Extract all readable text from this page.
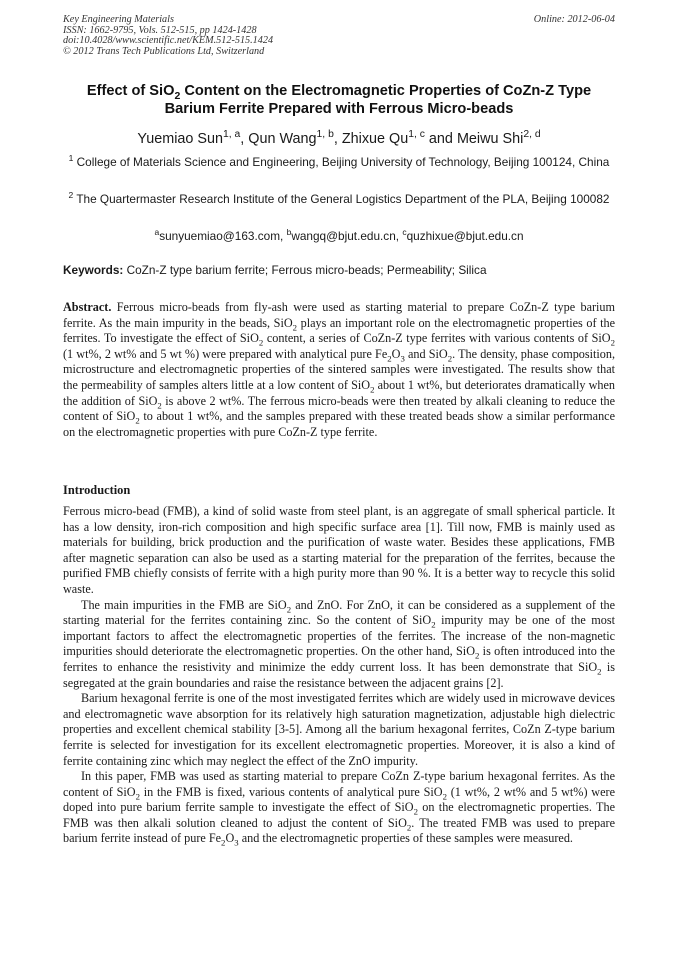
Key Engineering Materials
ISSN: 1662-9795, Vols. 512-515, pp 1424-1428
doi:10.4028/www.scientific.net/KEM.512-515.1424
© 2012 Trans Tech Publications Ltd, Switzerland
Online: 2012-06-04
Effect of SiO$_2$ Content on the Electromagnetic Properties of CoZn-Z Type Barium Ferrite Prepared with Ferrous Micro-beads
Yuemiao Sun$^{1, a}$, Qun Wang$^{1, b}$, Zhixue Qu$^{1, c}$ and Meiwu Shi$^{2, d}$
$^1$ College of Materials Science and Engineering, Beijing University of Technology, Beijing 100124, China
$^2$ The Quartermaster Research Institute of the General Logistics Department of the PLA, Beijing 100082
$^a$sunyuemiao@163.com, $^b$wangq@bjut.edu.cn, $^c$quzhixue@bjut.edu.cn
Keywords: CoZn-Z type barium ferrite; Ferrous micro-beads; Permeability; Silica
Abstract. Ferrous micro-beads from fly-ash were used as starting material to prepare CoZn-Z type barium ferrite. As the main impurity in the beads, SiO$_2$ plays an important role on the electromagnetic properties of the ferrites. To investigate the effect of SiO$_2$ content, a series of CoZn-Z type ferrites with various contents of SiO$_2$ (1 wt%, 2 wt% and 5 wt %) were prepared with analytical pure $Fe_2O_3$ and SiO$_2$. The density, phase composition, microstructure and electromagnetic properties of the sintered samples were investigated. The results show that the permeability of samples alters little at a low content of SiO$_2$ about 1 wt%, but deteriorates dramatically when the addition of SiO$_2$ is above 2 wt%. The ferrous micro-beads were then treated by alkali cleaning to reduce the content of SiO$_2$ to about 1 wt%, and the samples prepared with these treated beads show a similar performance on the electromagnetic properties with pure CoZn-Z type ferrite.
Introduction

Ferrous micro-bead (FMB), a kind of solid waste from steel plant, is an aggregate of small spherical particle. It has a low density, iron-rich composition and high specific surface area [1]. Till now, FMB is mainly used as materials for building, brick production and the purification of waste water. Besides these applications, FMB after magnetic separation can also be used as a starting material for the preparation of the ferrites, because the purified FMB chiefly consists of ferrite with a high purity more than 90 %. It is a better way to recycle this solid waste.

The main impurities in the FMB are SiO$_2$ and ZnO. For ZnO, it can be considered as a supplement of the starting material for the ferrites containing zinc. So the content of SiO$_2$ impurity may be one of the most important factors to affect the electromagnetic properties of the ferrites. The increase of the non-magnetic impurities should deteriorate the electromagnetic properties. On the other hand, SiO$_2$ is often introduced into the ferrites to enhance the resistivity and minimize the eddy current loss. It has been demonstrate that SiO$_2$ is segregated at the grain boundaries and raise the resistance between the adjacent grains [2].

Barium hexagonal ferrite is one of the most investigated ferrites which are widely used in microwave devices and electromagnetic wave absorption for its relatively high saturation magnetization, adjustable high dielectric properties and excellent chemical stability [3-5]. Among all the barium hexagonal ferrites, CoZn Z-type barium ferrite is selected for investigation for its excellent electromagnetic properties. Moreover, it is also a kind of ferrite containing zinc which may neglect the effect of the ZnO impurity.

In this paper, FMB was used as starting material to prepare CoZn Z-type barium hexagonal ferrites. As the content of SiO$_2$ in the FMB is fixed, various contents of analytical pure SiO$_2$ (1 wt%, 2 wt% and 5 wt%) were doped into pure barium ferrite sample to investigate the effect of SiO$_2$ on the electromagnetic properties. The FMB was then alkali solution cleaned to adjust the content of SiO$_2$. The treated FMB was used to prepare barium ferrite instead of pure $Fe_2O_3$ and the electromagnetic properties of these samples were measured.
